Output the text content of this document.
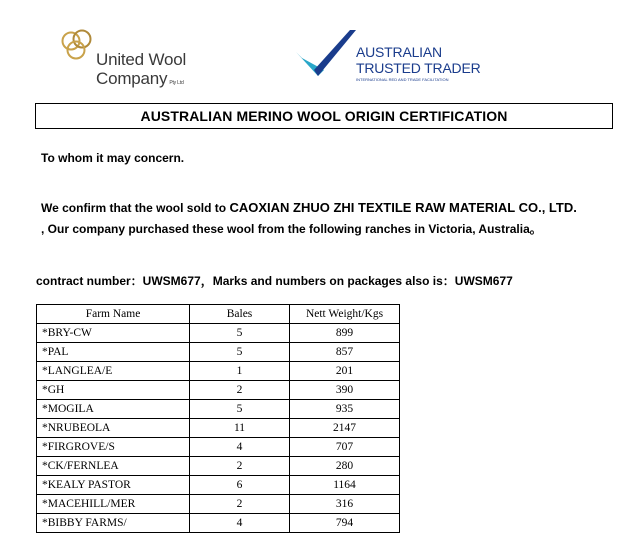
United Wool
Company Pty Ltd
AUSTRALIAN
TRUSTED TRADER
INTERNATIONAL RED AND TRADE FACILITATION
AUSTRALIAN MERINO WOOL ORIGIN CERTIFICATION
To whom it may concern.
We confirm that the wool sold to CAOXIAN ZHUO ZHI TEXTILE RAW MATERIAL CO., LTD.
, Our company purchased these wool from the following ranches in Victoria, Australia。
contract number：UWSM677，Marks and numbers on packages also is：UWSM677
Farm Name	Bales	Nett Weight/Kgs
*BRY-CW	5	899
*PAL	5	857
*LANGLEA/E	1	201
*GH	2	390
*MOGILA	5	935
*NRUBEOLA	11	2147
*FIRGROVE/S	4	707
*CK/FERNLEA	2	280
*KEALY PASTOR	6	1164
*MACEHILL/MER	2	316
*BIBBY FARMS/	4	794
